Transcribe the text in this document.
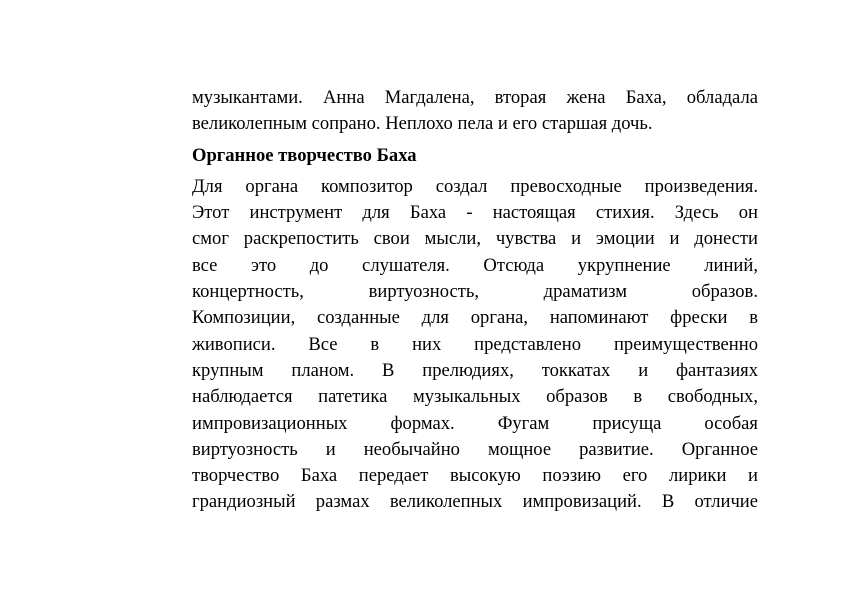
музыкантами. Анна Магдалена, вторая жена Баха, обладала
великолепным сопрано. Неплохо пела и его старшая дочь.
Органное творчество Баха
Для органа композитор создал превосходные произведения.
Этот инструмент для Баха - настоящая стихия. Здесь он
смог раскрепостить свои мысли, чувства и эмоции и донести
все это до слушателя. Отсюда укрупнение линий,
концертность, виртуозность, драматизм образов.
Композиции, созданные для органа, напоминают фрески в
живописи. Все в них представлено преимущественно
крупным планом. В прелюдиях, токкатах и фантазиях
наблюдается патетика музыкальных образов в свободных,
импровизационных формах. Фугам присуща особая
виртуозность и необычайно мощное развитие. Органное
творчество Баха передает высокую поэзию его лирики и
грандиозный размах великолепных импровизаций. В отличие
